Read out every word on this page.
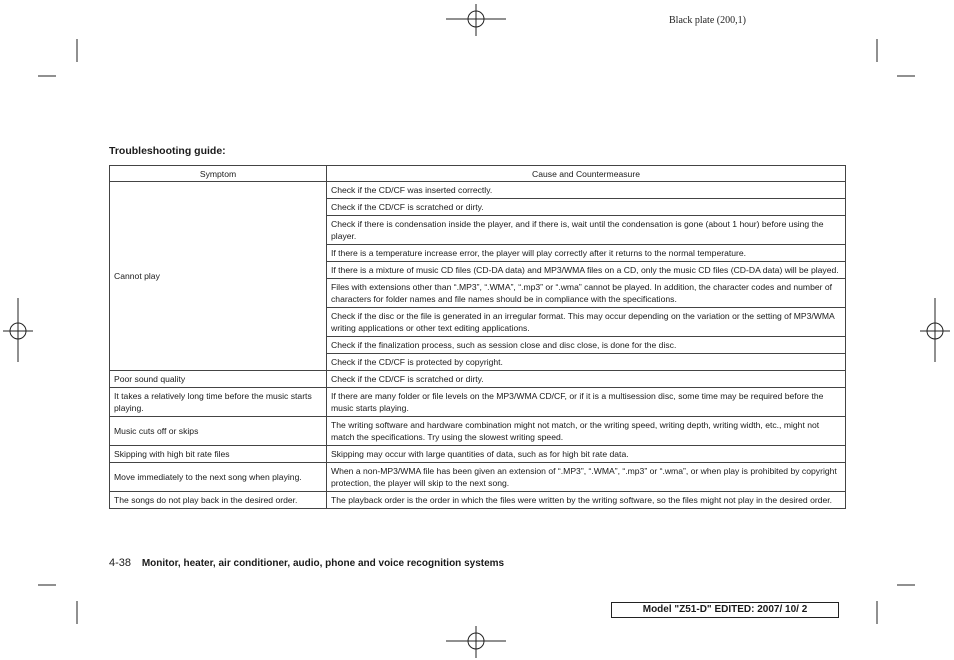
Black plate (200,1)
Troubleshooting guide:
Symptom	Cause and Countermeasure
Cannot play	Check if the CD/CF was inserted correctly.
	Check if the CD/CF is scratched or dirty.
	Check if there is condensation inside the player, and if there is, wait until the condensation is gone (about 1 hour) before using the player.
	If there is a temperature increase error, the player will play correctly after it returns to the normal temperature.
	If there is a mixture of music CD files (CD-DA data) and MP3/WMA files on a CD, only the music CD files (CD-DA data) will be played.
	Files with extensions other than “.MP3”, “.WMA”, “.mp3” or “.wma” cannot be played. In addition, the character codes and number of characters for folder names and file names should be in compliance with the specifications.
	Check if the disc or the file is generated in an irregular format. This may occur depending on the variation or the setting of MP3/WMA writing applications or other text editing applications.
	Check if the finalization process, such as session close and disc close, is done for the disc.
	Check if the CD/CF is protected by copyright.
Poor sound quality	Check if the CD/CF is scratched or dirty.
It takes a relatively long time before the music starts playing.	If there are many folder or file levels on the MP3/WMA CD/CF, or if it is a multisession disc, some time may be required before the music starts playing.
Music cuts off or skips	The writing software and hardware combination might not match, or the writing speed, writing depth, writing width, etc., might not match the specifications. Try using the slowest writing speed.
Skipping with high bit rate files	Skipping may occur with large quantities of data, such as for high bit rate data.
Move immediately to the next song when playing.	When a non-MP3/WMA file has been given an extension of “.MP3”, “.WMA”, “.mp3” or “.wma”, or when play is prohibited by copyright protection, the player will skip to the next song.
The songs do not play back in the desired order.	The playback order is the order in which the files were written by the writing software, so the files might not play in the desired order.
4-38 Monitor, heater, air conditioner, audio, phone and voice recognition systems
Model "Z51-D" EDITED: 2007/ 10/ 2
